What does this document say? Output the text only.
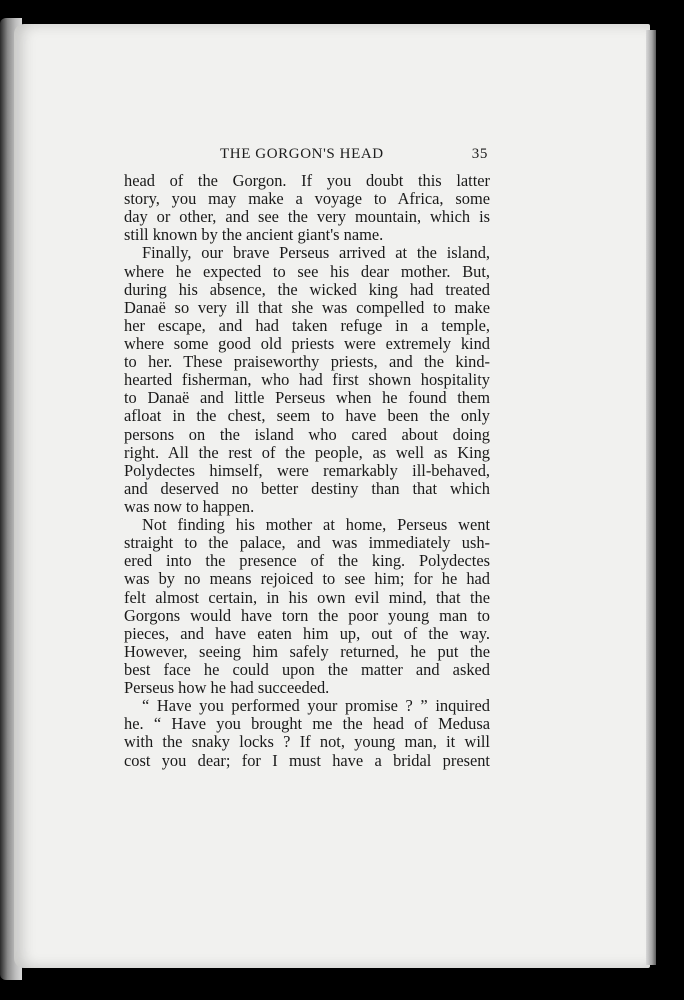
THE GORGON'S HEAD	35
head of the Gorgon. If you doubt this latter
story, you may make a voyage to Africa, some
day or other, and see the very mountain, which is
still known by the ancient giant's name.
Finally, our brave Perseus arrived at the island,
where he expected to see his dear mother. But,
during his absence, the wicked king had treated
Danaë so very ill that she was compelled to make
her escape, and had taken refuge in a temple,
where some good old priests were extremely kind
to her. These praiseworthy priests, and the kind-
hearted fisherman, who had first shown hospitality
to Danaë and little Perseus when he found them
afloat in the chest, seem to have been the only
persons on the island who cared about doing
right. All the rest of the people, as well as King
Polydectes himself, were remarkably ill-behaved,
and deserved no better destiny than that which
was now to happen.
Not finding his mother at home, Perseus went
straight to the palace, and was immediately ush-
ered into the presence of the king. Polydectes
was by no means rejoiced to see him; for he had
felt almost certain, in his own evil mind, that the
Gorgons would have torn the poor young man to
pieces, and have eaten him up, out of the way.
However, seeing him safely returned, he put the
best face he could upon the matter and asked
Perseus how he had succeeded.
“ Have you performed your promise ? ” inquired
he. “ Have you brought me the head of Medusa
with the snaky locks ? If not, young man, it will
cost you dear; for I must have a bridal present
